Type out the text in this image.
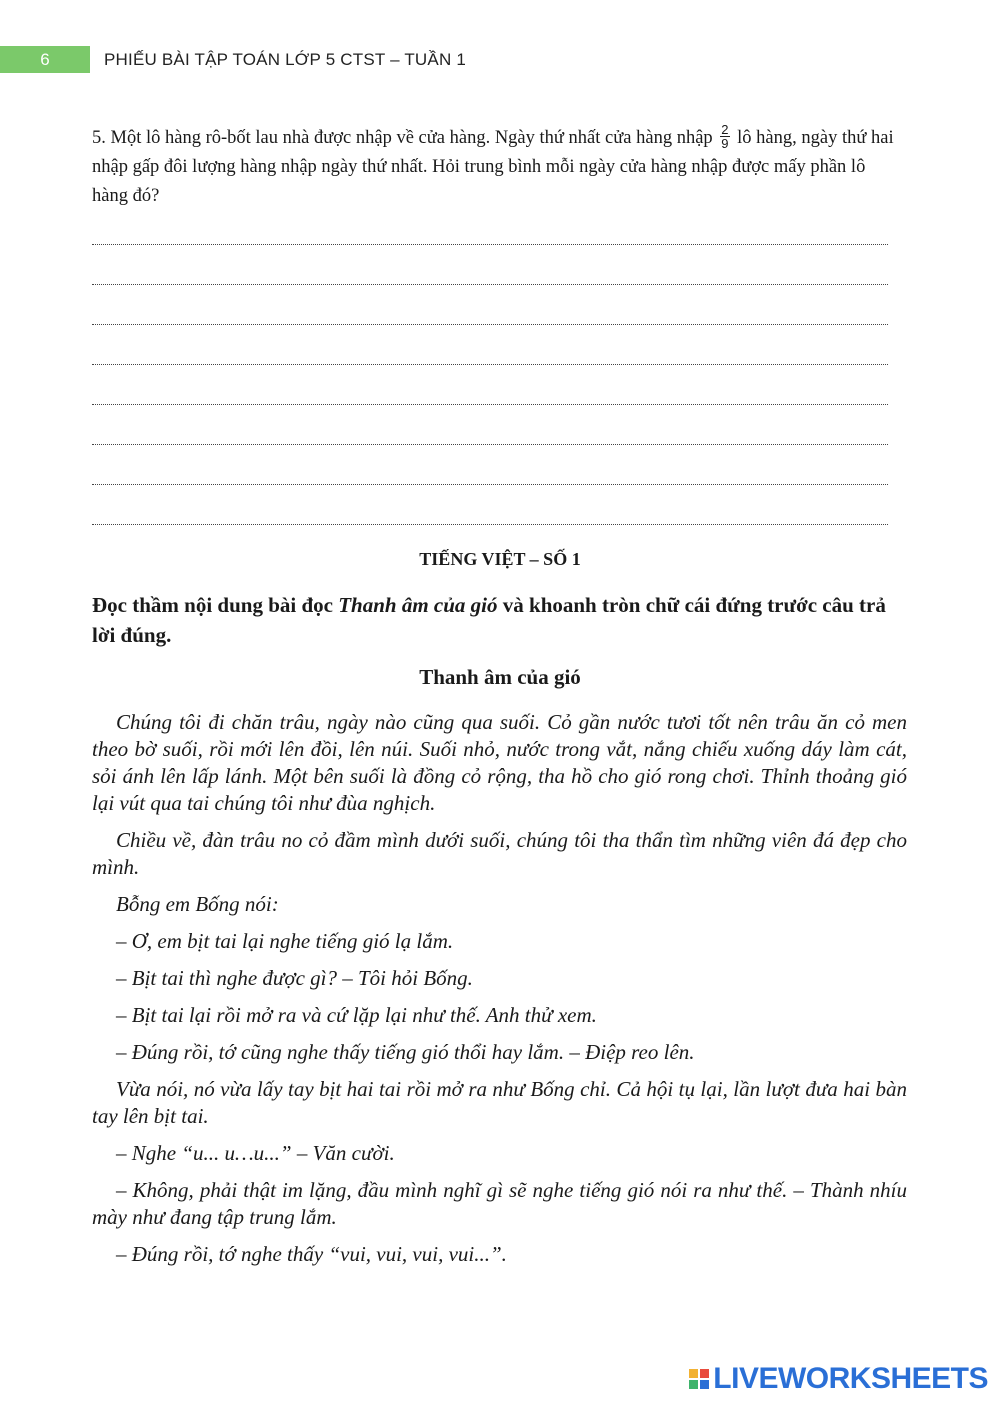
6	PHIẾU BÀI TẬP TOÁN LỚP 5 CTST – TUẦN 1
5. Một lô hàng rô-bốt lau nhà được nhập về cửa hàng. Ngày thứ nhất cửa hàng nhập $\frac{2}{9}$ lô hàng, ngày thứ hai nhập gấp đôi lượng hàng nhập ngày thứ nhất. Hỏi trung bình mỗi ngày cửa hàng nhập được mấy phần lô hàng đó?
TIẾNG VIỆT – SỐ 1
Đọc thầm nội dung bài đọc Thanh âm của gió và khoanh tròn chữ cái đứng trước câu trả lời đúng.
Thanh âm của gió

Chúng tôi đi chăn trâu, ngày nào cũng qua suối. Cỏ gần nước tươi tốt nên trâu ăn cỏ men theo bờ suối, rồi mới lên đồi, lên núi. Suối nhỏ, nước trong vắt, nắng chiếu xuống dáy làm cát, sỏi ánh lên lấp lánh. Một bên suối là đồng cỏ rộng, tha hồ cho gió rong chơi. Thỉnh thoảng gió lại vút qua tai chúng tôi như đùa nghịch.

Chiều về, đàn trâu no cỏ đầm mình dưới suối, chúng tôi tha thẩn tìm những viên đá đẹp cho mình.

Bỗng em Bống nói:

– Ơ, em bịt tai lại nghe tiếng gió lạ lắm.

– Bịt tai thì nghe được gì? – Tôi hỏi Bống.

– Bịt tai lại rồi mở ra và cứ lặp lại như thế. Anh thử xem.

– Đúng rồi, tớ cũng nghe thấy tiếng gió thổi hay lắm. – Điệp reo lên.

Vừa nói, nó vừa lấy tay bịt hai tai rồi mở ra như Bống chỉ. Cả hội tụ lại, lần lượt đưa hai bàn tay lên bịt tai.

– Nghe “u... u…u...” – Văn cười.

– Không, phải thật im lặng, đầu mình nghĩ gì sẽ nghe tiếng gió nói ra như thế. – Thành nhíu mày như đang tập trung lắm.

– Đúng rồi, tớ nghe thấy “vui, vui, vui, vui...”.

LIVEWORKSHEETS
